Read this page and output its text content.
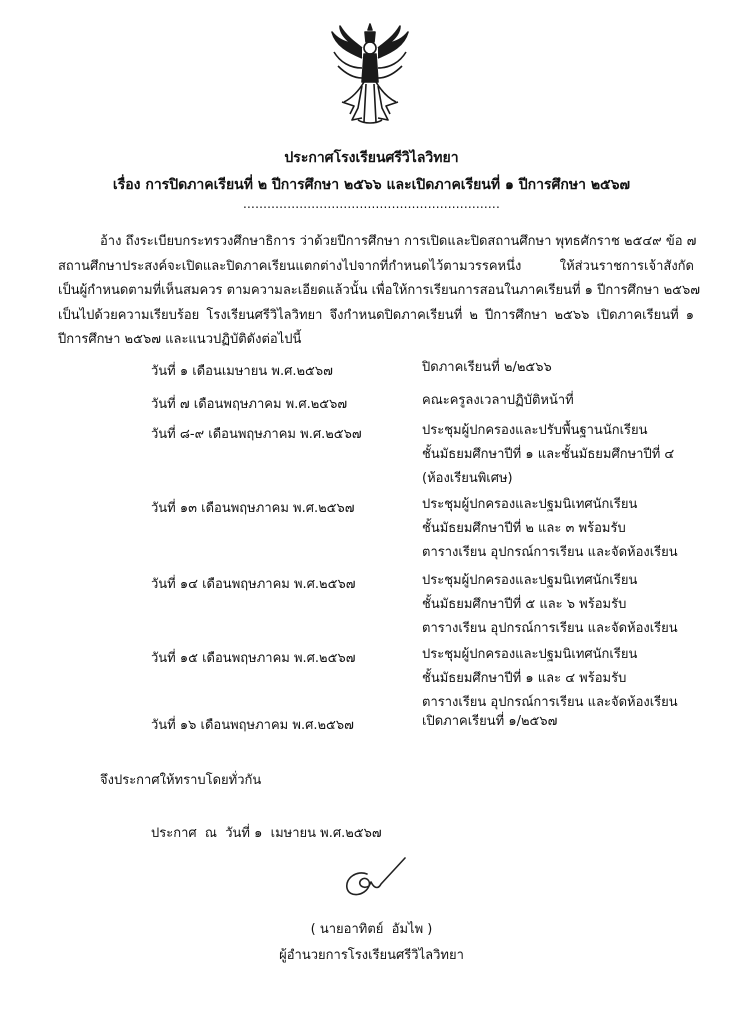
ประกาศโรงเรียนศรีวิไลวิทยา
เรื่อง การปิดภาคเรียนที่ ๒ ปีการศึกษา ๒๕๖๖ และเปิดภาคเรียนที่ ๑ ปีการศึกษา ๒๕๖๗
................................................................
อ้าง ถึงระเบียบกระทรวงศึกษาธิการ ว่าด้วยปีการศึกษา การเปิดและปิดสถานศึกษา พุทธศักราช ๒๕๔๙ ข้อ ๗
สถานศึกษาประสงค์จะเปิดและปิดภาคเรียนแตกต่างไปจากที่กำหนดไว้ตามวรรคหนึ่ง ให้ส่วนราชการเจ้าสังกัด
เป็นผู้กำหนดตามที่เห็นสมควร ตามความละเอียดแล้วนั้น เพื่อให้การเรียนการสอนในภาคเรียนที่ ๑ ปีการศึกษา ๒๕๖๗
เป็นไปด้วยความเรียบร้อย โรงเรียนศรีวิไลวิทยา จึงกำหนดปิดภาคเรียนที่ ๒ ปีการศึกษา ๒๕๖๖ เปิดภาคเรียนที่ ๑
ปีการศึกษา ๒๕๖๗ และแนวปฏิบัติดังต่อไปนี้
วันที่ ๑ เดือนเมษายน พ.ศ.๒๕๖๗	ปิดภาคเรียนที่ ๒/๒๕๖๖
วันที่ ๗ เดือนพฤษภาคม พ.ศ.๒๕๖๗	คณะครูลงเวลาปฏิบัติหน้าที่
วันที่ ๘-๙ เดือนพฤษภาคม พ.ศ.๒๕๖๗	ประชุมผู้ปกครองและปรับพื้นฐานนักเรียน
ชั้นมัธยมศึกษาปีที่ ๑ และชั้นมัธยมศึกษาปีที่ ๔
(ห้องเรียนพิเศษ)
วันที่ ๑๓ เดือนพฤษภาคม พ.ศ.๒๕๖๗	ประชุมผู้ปกครองและปฐมนิเทศนักเรียน
ชั้นมัธยมศึกษาปีที่ ๒ และ ๓ พร้อมรับ
ตารางเรียน อุปกรณ์การเรียน และจัดห้องเรียน
วันที่ ๑๔ เดือนพฤษภาคม พ.ศ.๒๕๖๗	ประชุมผู้ปกครองและปฐมนิเทศนักเรียน
ชั้นมัธยมศึกษาปีที่ ๕ และ ๖ พร้อมรับ
ตารางเรียน อุปกรณ์การเรียน และจัดห้องเรียน
วันที่ ๑๕ เดือนพฤษภาคม พ.ศ.๒๕๖๗	ประชุมผู้ปกครองและปฐมนิเทศนักเรียน
ชั้นมัธยมศึกษาปีที่ ๑ และ ๔ พร้อมรับ
ตารางเรียน อุปกรณ์การเรียน และจัดห้องเรียน
วันที่ ๑๖ เดือนพฤษภาคม พ.ศ.๒๕๖๗	เปิดภาคเรียนที่ ๑/๒๕๖๗
จึงประกาศให้ทราบโดยทั่วกัน
ประกาศ  ณ  วันที่ ๑  เมษายน พ.ศ.๒๕๖๗
( นายอาทิตย์  อัมไพ )
ผู้อำนวยการโรงเรียนศรีวิไลวิทยา
